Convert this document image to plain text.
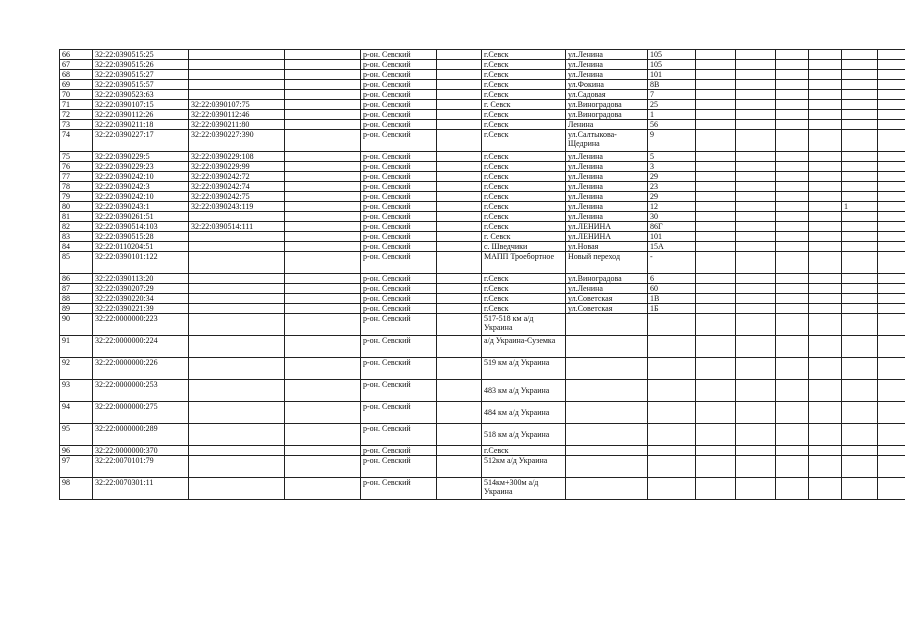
66	32:22:0390515:25			р-он. Севский		г.Севск	ул.Ленина	105						
67	32:22:0390515:26			р-он. Севский		г.Севск	ул.Ленина	105						
68	32:22:0390515:27			р-он. Севский		г.Севск	ул.Ленина	101						
69	32:22:0390515:57			р-он. Севский		г.Севск	ул.Фокина	8В						
70	32:22:0390523:63			р-он. Севский		г.Севск	ул.Садовая	7						
71	32:22:0390107:15	32:22:0390107:75		р-он. Севский		г. Севск	ул.Виноградова	25						
72	32:22:0390112:26	32:22:0390112:46		р-он. Севский		г.Севск	ул.Виноградова	1						
73	32:22:0390211:18	32:22:0390211:80		р-он. Севский		г.Севск	Ленина	56						
74	32:22:0390227:17	32:22:0390227:390		р-он. Севский		г.Севск	ул.Салтыкова-Щедрина	9						
75	32:22:0390229:5	32:22:0390229:108		р-он. Севский		г.Севск	ул.Ленина	5						
76	32:22:0390229:23	32:22:0390229:99		р-он. Севский		г.Севск	ул.Ленина	3						
77	32:22:0390242:10	32:22:0390242:72		р-он. Севский		г.Севск	ул.Ленина	29						
78	32:22:0390242:3	32:22:0390242:74		р-он. Севский		г.Севск	ул.Ленина	23						
79	32:22:0390242:10	32:22:0390242:75		р-он. Севский		г.Севск	ул.Ленина	29						
80	32:22:0390243:1	32:22:0390243:119		р-он. Севский		г.Севск	ул.Ленина	12					1	
81	32:22:0390261:51			р-он. Севский		г.Севск	ул.Ленина	30						
82	32:22:0390514:103	32:22:0390514:111		р-он. Севский		г.Севск	ул.ЛЕНИНА	86Г						
83	32:22:0390515:28			р-он. Севский		г. Севск	ул.ЛЕНИНА	101						
84	32:22:0110204:51			р-он. Севский		с. Шведчики	ул.Новая	15А						
85	32:22:0390101:122			р-он. Севский		МАПП Троебортное	Новый переход	-						
86	32:22:0390113:20			р-он. Севский		г.Севск	ул.Виноградова	6						
87	32:22:0390207:29			р-он. Севский		г.Севск	ул.Ленина	60						
88	32:22:0390220:34			р-он. Севский		г.Севск	ул.Советская	1В						
89	32:22:0390221:39			р-он. Севский		г.Севск	ул.Советская	1Б						
90	32:22:0000000:223			р-он. Севский		517-518 км а/д Украина								
91	32:22:0000000:224			р-он. Севский		а/д Украина-Суземка								
92	32:22:0000000:226			р-он. Севский		519 км а/д Украина								
93	32:22:0000000:253			р-он. Севский		483 км а/д Украина								
94	32:22:0000000:275			р-он. Севский		484 км а/д Украина								
95	32:22:0000000:289			р-он. Севский		518 км а/д Украина								
96	32:22:0000000:370			р-он. Севский		г.Севск								
97	32:22:0070101:79			р-он. Севский		512км а/д Украина								
98	32:22:0070301:11			р-он. Севский		514км+300м а/д Украина								
